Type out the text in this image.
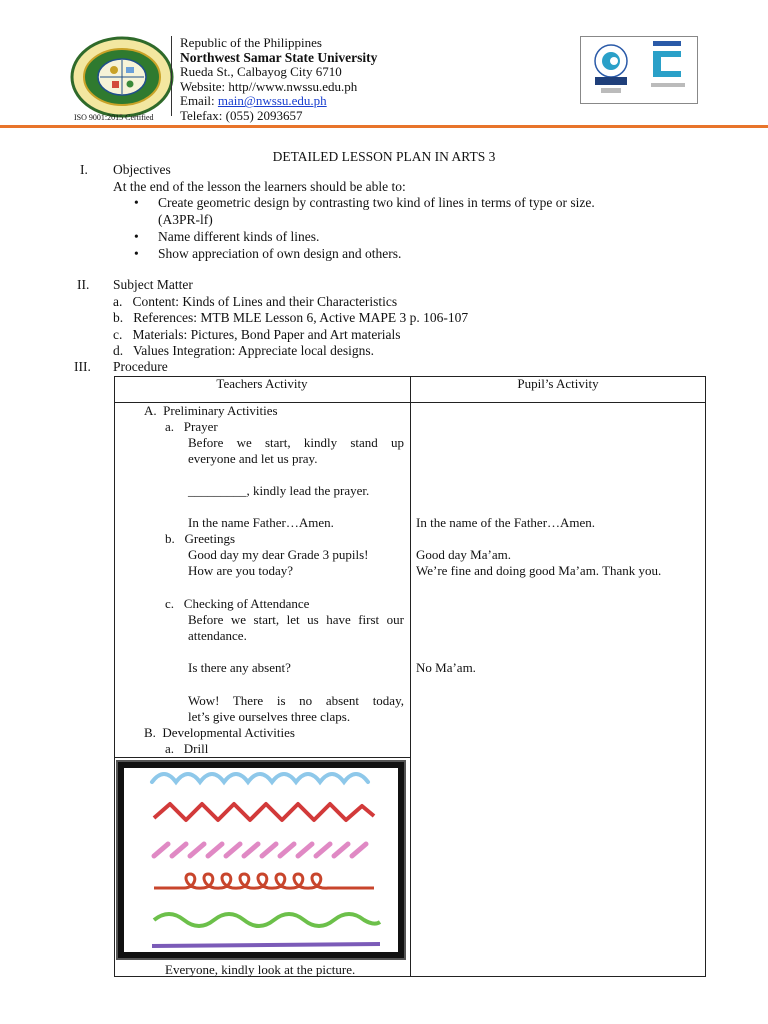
Republic of the Philippines
Northwest Samar State University
Rueda St., Calbayog City 6710
Website: http//www.nwssu.edu.ph
Email: main@nwssu.edu.ph
Telefax: (055) 2093657
ISO 9001:2015 Certified
DETAILED LESSON PLAN IN ARTS 3
I. Objectives
At the end of the lesson the learners should be able to:
• Create geometric design by contrasting two kind of lines in terms of type or size.
(A3PR-lf)
• Name different kinds of lines.
• Show appreciation of own design and others.
II. Subject Matter
a.   Content: Kinds of Lines and their Characteristics
b.   References: MTB MLE Lesson 6, Active MAPE 3 p. 106-107
c.   Materials: Pictures, Bond Paper and Art materials
d.   Values Integration: Appreciate local designs.
III. Procedure
Teachers Activity	Pupil’s Activity
A.  Preliminary Activities
a.   Prayer
Before we start, kindly stand up
everyone and let us pray.
_________, kindly lead the prayer.
In the name Father…Amen.
b.   Greetings
Good day my dear Grade 3 pupils!
How are you today?
c.   Checking of Attendance
Before we start, let us have first our
attendance.
Is there any absent?
Wow! There is no absent today,
let’s give ourselves three claps.
B.  Developmental Activities
a.   Drill
Everyone, kindly look at the picture.
In the name of the Father…Amen.
Good day Ma’am.
We’re fine and doing good Ma’am. Thank you.
No Ma’am.
